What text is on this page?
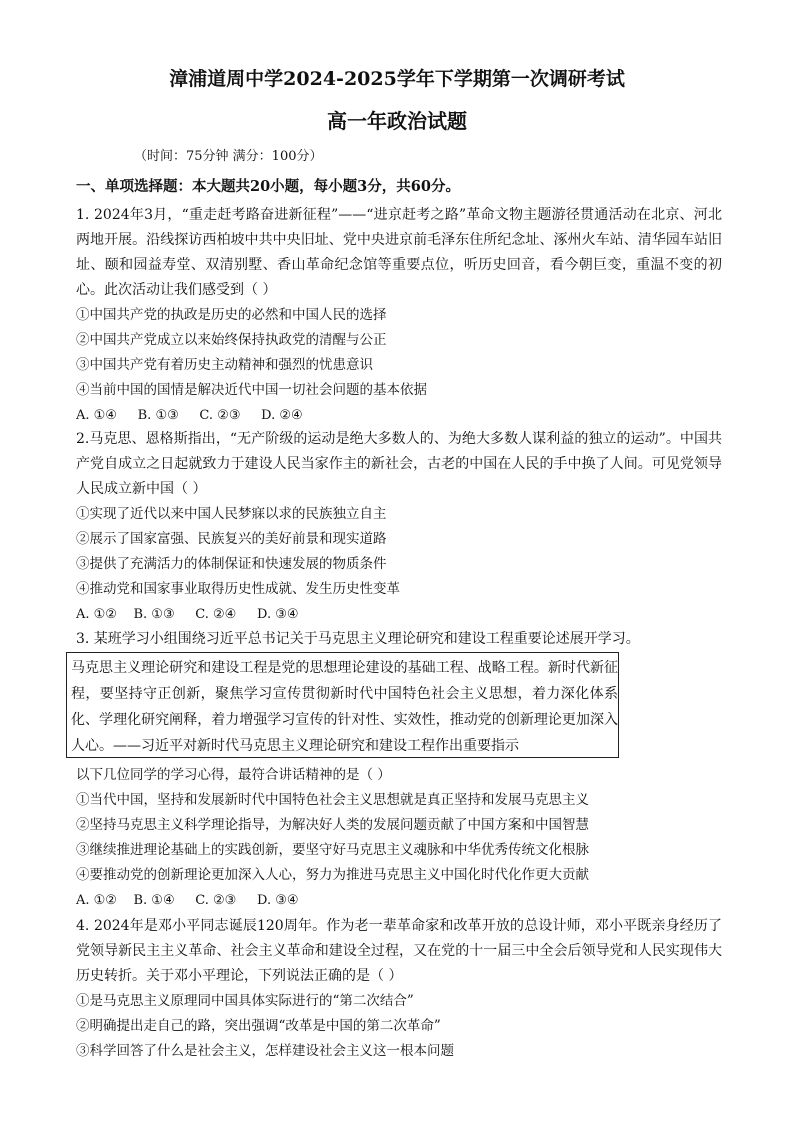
漳浦道周中学2024-2025学年下学期第一次调研考试
高一年政治试题
（时间：75分钟 满分：100分）
一、单项选择题：本大题共20小题，每小题3分，共60分。

1. 2024年3月，“重走赶考路奋进新征程”——“进京赶考之路”革命文物主题游径贯通活动在北京、河北两地开展。沿线探访西柏坡中共中央旧址、党中央进京前毛泽东住所纪念址、涿州火车站、清华园车站旧址、颐和园益寿堂、双清别墅、香山革命纪念馆等重要点位，听历史回音，看今朝巨变，重温不变的初心。此次活动让我们感受到（ ）

①中国共产党的执政是历史的必然和中国人民的选择

②中国共产党成立以来始终保持执政党的清醒与公正

③中国共产党有着历史主动精神和强烈的忧患意识

④当前中国的国情是解决近代中国一切社会问题的基本依据

A. ①④     B. ①③     C. ②③     D. ②④

2.马克思、恩格斯指出，“无产阶级的运动是绝大多数人的、为绝大多数人谋利益的独立的运动”。中国共产党自成立之日起就致力于建设人民当家作主的新社会，古老的中国在人民的手中换了人间。可见党领导人民成立新中国（ ）

①实现了近代以来中国人民梦寐以求的民族独立自主

②展示了国家富强、民族复兴的美好前景和现实道路

③提供了充满活力的体制保证和快速发展的物质条件

④推动党和国家事业取得历史性成就、发生历史性变革

A. ①②    B. ①③     C. ②④     D. ③④

3. 某班学习小组围绕习近平总书记关于马克思主义理论研究和建设工程重要论述展开学习。

马克思主义理论研究和建设工程是党的思想理论建设的基础工程、战略工程。新时代新征程，要坚持守正创新，聚焦学习宣传贯彻新时代中国特色社会主义思想，着力深化体系化、学理化研究阐释，着力增强学习宣传的针对性、实效性，推动党的创新理论更加深入人心。——习近平对新时代马克思主义理论研究和建设工程作出重要指示

以下几位同学的学习心得，最符合讲话精神的是（ ）

①当代中国，坚持和发展新时代中国特色社会主义思想就是真正坚持和发展马克思主义

②坚持马克思主义科学理论指导，为解决好人类的发展问题贡献了中国方案和中国智慧

③继续推进理论基础上的实践创新，要坚守好马克思主义魂脉和中华优秀传统文化根脉

④要推动党的创新理论更加深入人心，努力为推进马克思主义中国化时代化作更大贡献

A. ①②    B. ①④     C. ②③     D. ③④

4. 2024年是邓小平同志诞辰120周年。作为老一辈革命家和改革开放的总设计师，邓小平既亲身经历了党领导新民主主义革命、社会主义革命和建设全过程，又在党的十一届三中全会后领导党和人民实现伟大历史转折。关于邓小平理论，下列说法正确的是（ ）

①是马克思主义原理同中国具体实际进行的“第二次结合”

②明确提出走自己的路，突出强调“改革是中国的第二次革命”

③科学回答了什么是社会主义，怎样建设社会主义这一根本问题
